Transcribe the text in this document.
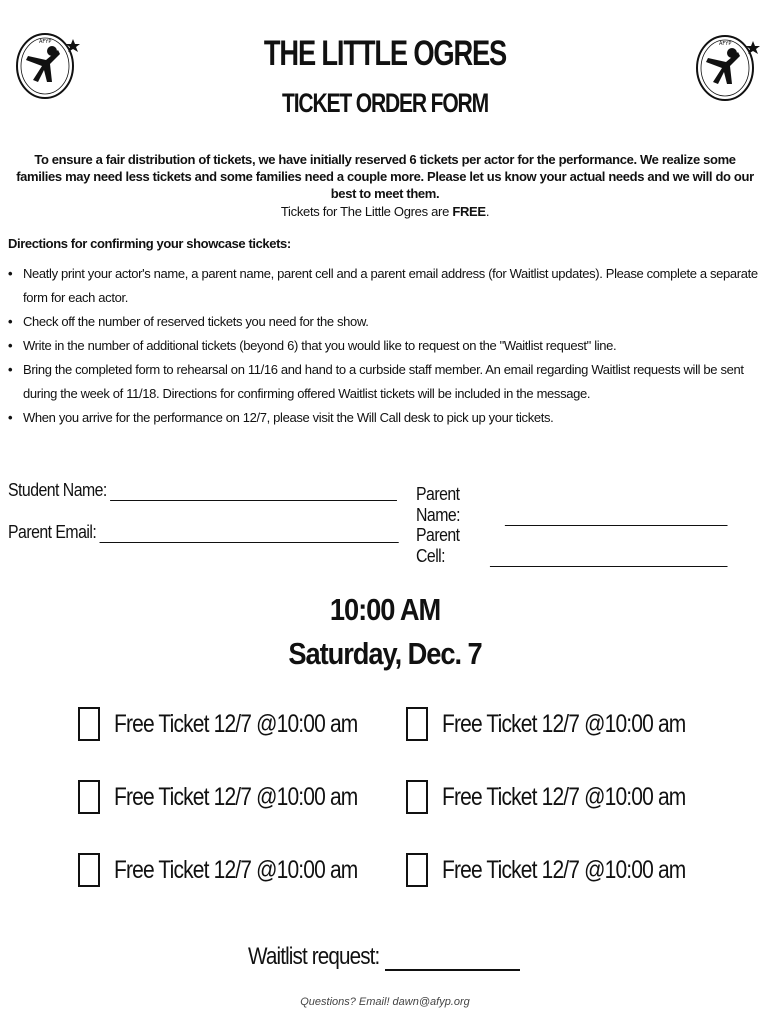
AFYP	AFYP
THE LITTLE OGRES
TICKET ORDER FORM
To ensure a fair distribution of tickets, we have initially reserved 6 tickets per actor for the performance. We realize some families may need less tickets and some families need a couple more. Please let us know your actual needs and we will do our best to meet them.
Tickets for The Little Ogres are FREE.
Directions for confirming your showcase tickets:
• Neatly print your actor's name, a parent name, parent cell and a parent email address (for Waitlist updates). Please complete a separate form for each actor.
• Check off the number of reserved tickets you need for the show.
• Write in the number of additional tickets (beyond 6) that you would like to request on the "Waitlist request" line.
• Bring the completed form to rehearsal on 11/16 and hand to a curbside staff member. An email regarding Waitlist requests will be sent during the week of 11/18. Directions for confirming offered Waitlist tickets will be included in the message.
• When you arrive for the performance on 12/7, please visit the Will Call desk to pick up your tickets.
Student Name:	Parent Name:
Parent Email:	Parent Cell:
10:00 AM
Saturday, Dec. 7
Free Ticket 12/7 @10:00 am	Free Ticket 12/7 @10:00 am
Free Ticket 12/7 @10:00 am	Free Ticket 12/7 @10:00 am
Free Ticket 12/7 @10:00 am	Free Ticket 12/7 @10:00 am
Waitlist request:
Questions? Email! dawn@afyp.org
